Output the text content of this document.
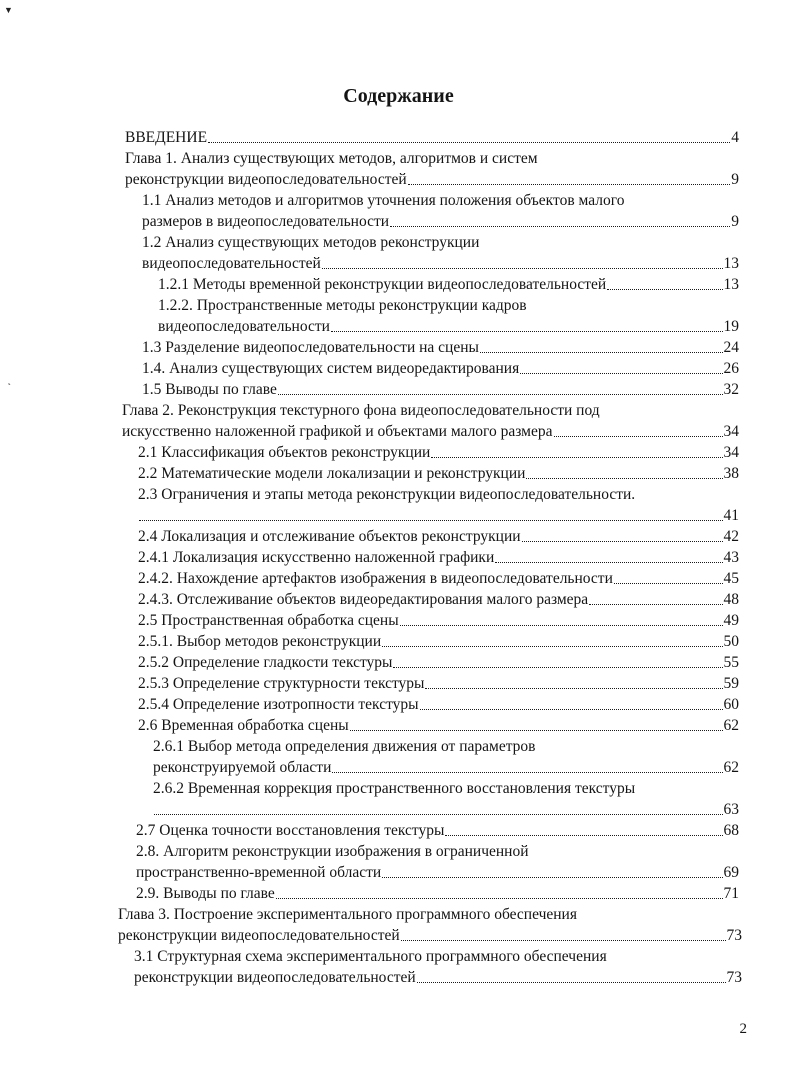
▼
˛
Содержание
ВВЕДЕНИЕ	4
Глава 1. Анализ существующих методов, алгоритмов и систем
реконструкции видеопоследовательностей	9
1.1 Анализ методов и алгоритмов уточнения положения объектов малого
размеров в видеопоследовательности	9
1.2 Анализ существующих методов реконструкции
видеопоследовательностей	13
1.2.1 Методы временной реконструкции видеопоследовательностей	13
1.2.2. Пространственные методы реконструкции кадров
видеопоследовательности	19
1.3 Разделение видеопоследовательности на сцены	24
1.4. Анализ существующих систем видеоредактирования	26
1.5 Выводы по главе	32
Глава 2. Реконструкция текстурного фона видеопоследовательности под
искусственно наложенной графикой и объектами малого размера	34
2.1 Классификация объектов реконструкции	34
2.2 Математические модели локализации и реконструкции	38
2.3 Ограничения и этапы метода реконструкции видеопоследовательности.
41
2.4 Локализация и отслеживание объектов реконструкции	42
2.4.1 Локализация искусственно наложенной графики	43
2.4.2. Нахождение артефактов изображения в видеопоследовательности	45
2.4.3. Отслеживание объектов видеоредактирования малого размера	48
2.5 Пространственная обработка сцены	49
2.5.1. Выбор методов реконструкции	50
2.5.2 Определение гладкости текстуры	55
2.5.3 Определение структурности текстуры	59
2.5.4 Определение изотропности текстуры	60
2.6 Временная обработка сцены	62
2.6.1 Выбор метода определения движения от параметров
реконструируемой области	62
2.6.2 Временная коррекция пространственного восстановления текстуры
63
2.7 Оценка точности восстановления текстуры	68
2.8. Алгоритм реконструкции изображения в ограниченной
пространственно-временной области	69
2.9. Выводы по главе	71
Глава 3. Построение экспериментального программного обеспечения
реконструкции видеопоследовательностей	73
3.1 Структурная схема экспериментального программного обеспечения
реконструкции видеопоследовательностей	73
2
